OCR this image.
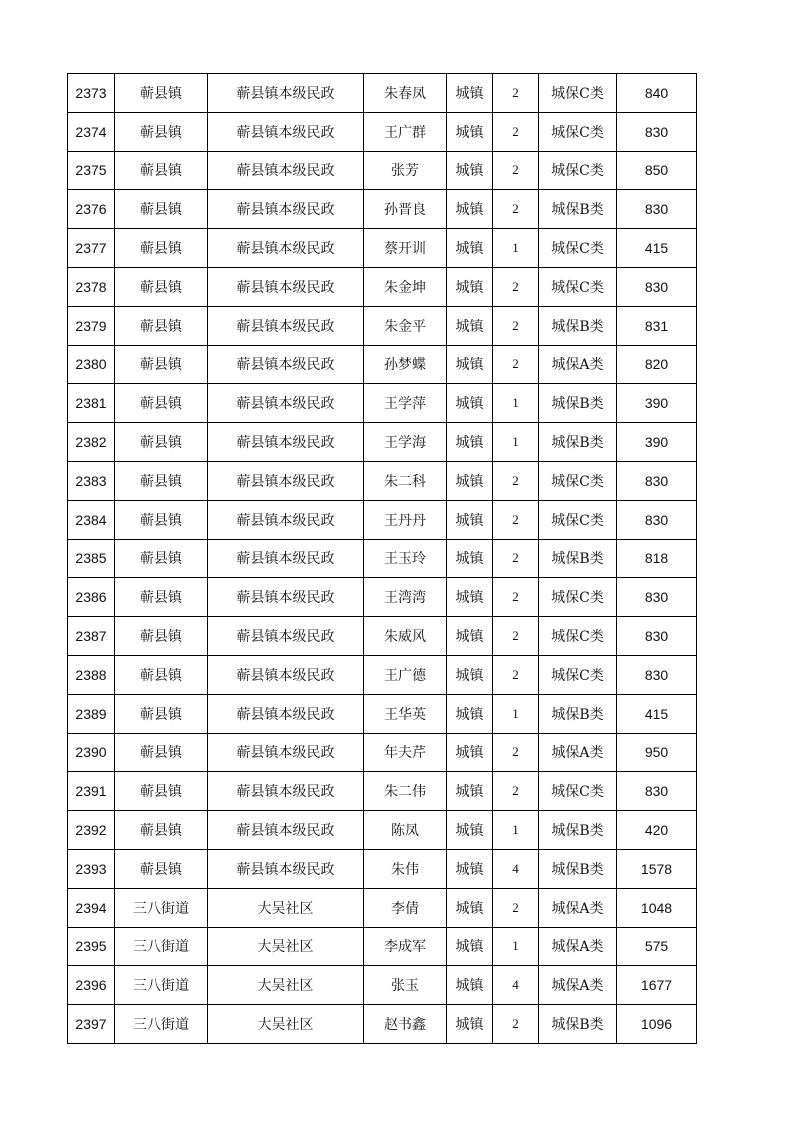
2373	蕲县镇	蕲县镇本级民政	朱春凤	城镇	2	城保C类	840
2374	蕲县镇	蕲县镇本级民政	王广群	城镇	2	城保C类	830
2375	蕲县镇	蕲县镇本级民政	张芳	城镇	2	城保C类	850
2376	蕲县镇	蕲县镇本级民政	孙晋良	城镇	2	城保B类	830
2377	蕲县镇	蕲县镇本级民政	蔡开训	城镇	1	城保C类	415
2378	蕲县镇	蕲县镇本级民政	朱金坤	城镇	2	城保C类	830
2379	蕲县镇	蕲县镇本级民政	朱金平	城镇	2	城保B类	831
2380	蕲县镇	蕲县镇本级民政	孙梦蝶	城镇	2	城保A类	820
2381	蕲县镇	蕲县镇本级民政	王学萍	城镇	1	城保B类	390
2382	蕲县镇	蕲县镇本级民政	王学海	城镇	1	城保B类	390
2383	蕲县镇	蕲县镇本级民政	朱二科	城镇	2	城保C类	830
2384	蕲县镇	蕲县镇本级民政	王丹丹	城镇	2	城保C类	830
2385	蕲县镇	蕲县镇本级民政	王玉玲	城镇	2	城保B类	818
2386	蕲县镇	蕲县镇本级民政	王湾湾	城镇	2	城保C类	830
2387	蕲县镇	蕲县镇本级民政	朱威风	城镇	2	城保C类	830
2388	蕲县镇	蕲县镇本级民政	王广德	城镇	2	城保C类	830
2389	蕲县镇	蕲县镇本级民政	王华英	城镇	1	城保B类	415
2390	蕲县镇	蕲县镇本级民政	年夫芹	城镇	2	城保A类	950
2391	蕲县镇	蕲县镇本级民政	朱二伟	城镇	2	城保C类	830
2392	蕲县镇	蕲县镇本级民政	陈凤	城镇	1	城保B类	420
2393	蕲县镇	蕲县镇本级民政	朱伟	城镇	4	城保B类	1578
2394	三八街道	大吴社区	李倩	城镇	2	城保A类	1048
2395	三八街道	大吴社区	李成军	城镇	1	城保A类	575
2396	三八街道	大吴社区	张玉	城镇	4	城保A类	1677
2397	三八街道	大吴社区	赵书鑫	城镇	2	城保B类	1096
